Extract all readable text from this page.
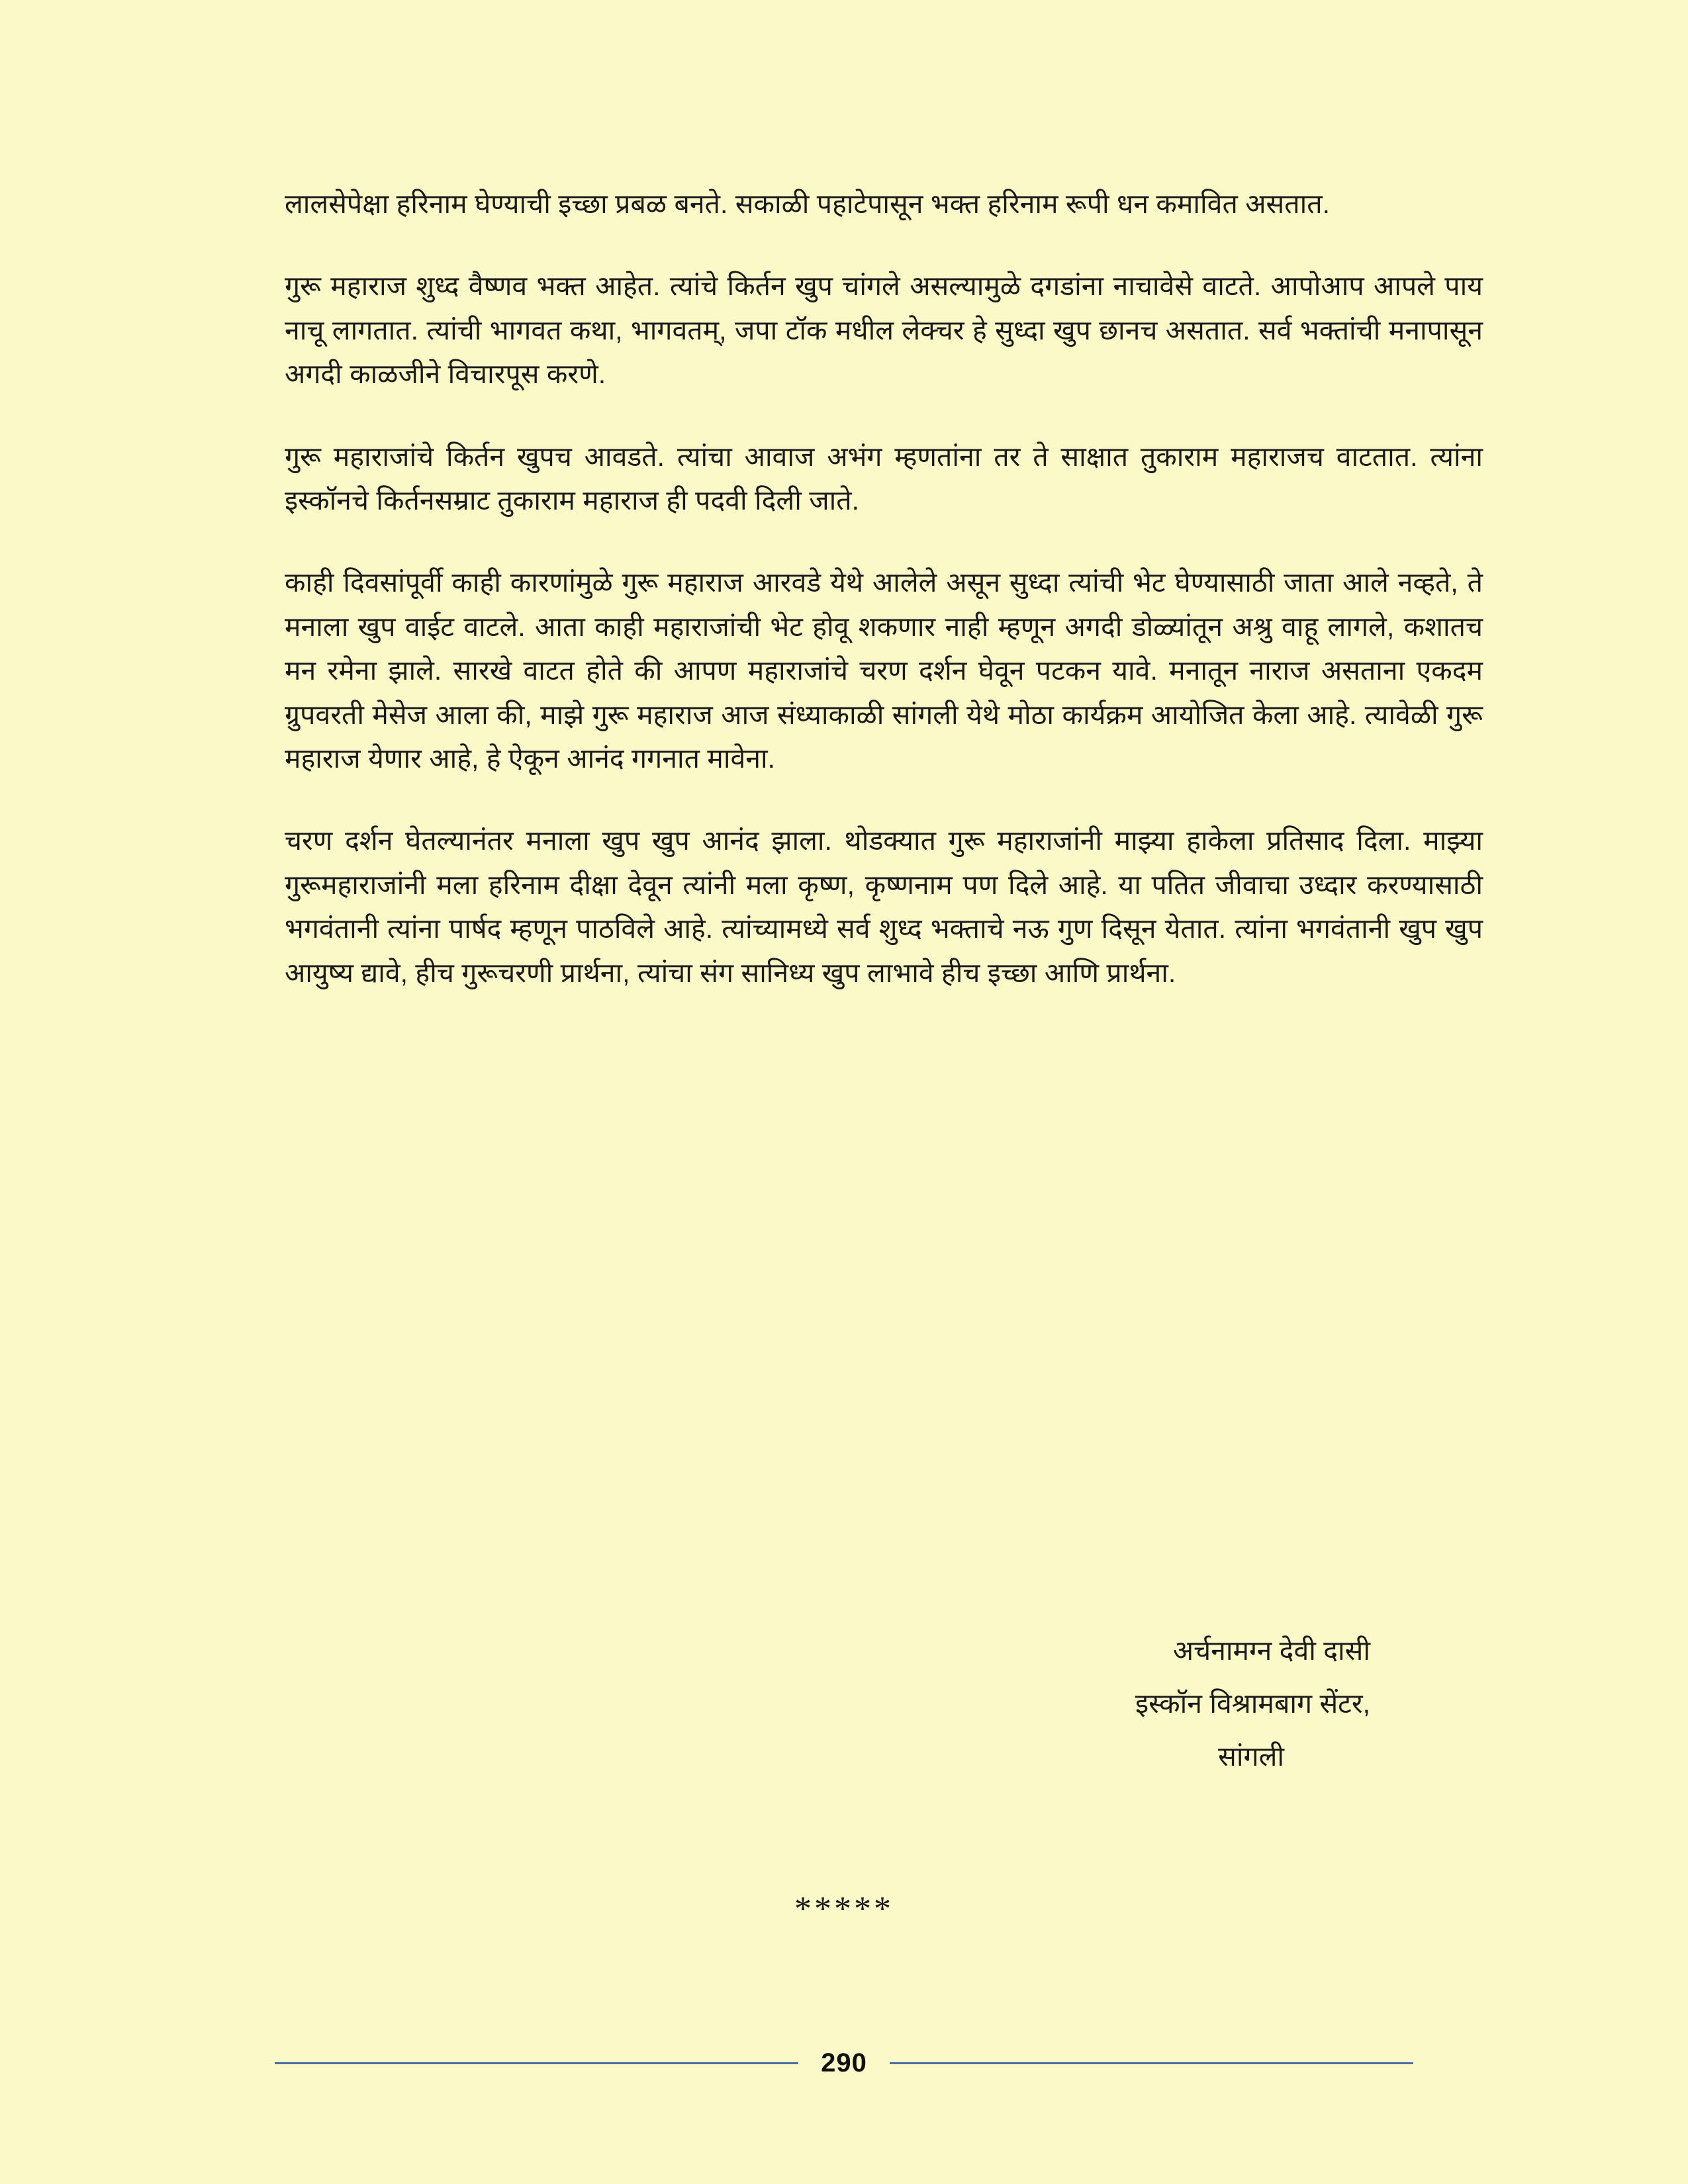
लालसेपेक्षा हरिनाम घेण्याची इच्छा प्रबळ बनते. सकाळी पहाटेपासून भक्त हरिनाम रूपी धन कमावित असतात.

गुरू महाराज शुध्द वैष्णव भक्त आहेत. त्यांचे कि‍र्तन खुप चांगले असल्यामुळे दगडांना नाचावेसे वाटते. आपोआप आपले पाय नाचू लागतात. त्यांची भागवत कथा, भागवतम्, जपा टॉक मधील लेक्चर हे सुध्दा खुप छानच असतात. सर्व भक्तांची मनापासून अगदी काळजीने विचारपूस करणे.

गुरू महाराजांचे कि‍र्तन खुपच आवडते. त्यांचा आवाज अभंग म्हणतांना तर ते साक्षात तुकाराम महाराजच वाटतात. त्यांना इस्कॉनचे कि‍र्तनसम्राट तुकाराम महाराज ही पदवी दिली जाते.

काही दिवसांपूर्वी काही कारणांमुळे गुरू महाराज आरवडे येथे आलेले असून सुध्दा त्यांची भेट घेण्यासाठी जाता आले नव्हते, ते मनाला खुप वाईट वाटले. आता काही महाराजांची भेट होवू शकणार नाही म्हणून अगदी डोळ्यांतून अश्रु वाहू लागले, कशातच मन रमेना झाले. सारखे वाटत होते की आपण महाराजांचे चरण दर्शन घेवून पटकन यावे. मनातून नाराज असताना एकदम ग्रुपवरती मेसेज आला की, माझे गुरू महाराज आज संध्याकाळी सांगली येथे मोठा कार्यक्रम आयोजित केला आहे. त्यावेळी गुरू महाराज येणार आहे, हे ऐकून आनंद गगनात मावेना.

चरण दर्शन घेतल्यानंतर मनाला खुप खुप आनंद झाला. थोडक्यात गुरू महाराजांनी माझ्या हाकेला प्रतिसाद दिला. माझ्या गुरूमहाराजांनी मला हरिनाम दीक्षा देवून त्यांनी मला कृष्ण, कृष्णनाम पण दिले आहे. या पतित जीवाचा उध्दार करण्यासाठी भगवंतानी त्यांना पार्षद म्हणून पाठविले आहे. त्यांच्यामध्ये सर्व शुध्द भक्ताचे नऊ गुण दिसून येतात. त्यांना भगवंतानी खुप खुप आयुष्य द्यावे, हीच गुरूचरणी प्रार्थना, त्यांचा संग सानिध्य खुप लाभावे हीच इच्छा आणि प्रार्थना.

अर्चनामग्न देवी दासी
इस्कॉन विश्रामबाग सेंटर,
सांगली
*****
290
